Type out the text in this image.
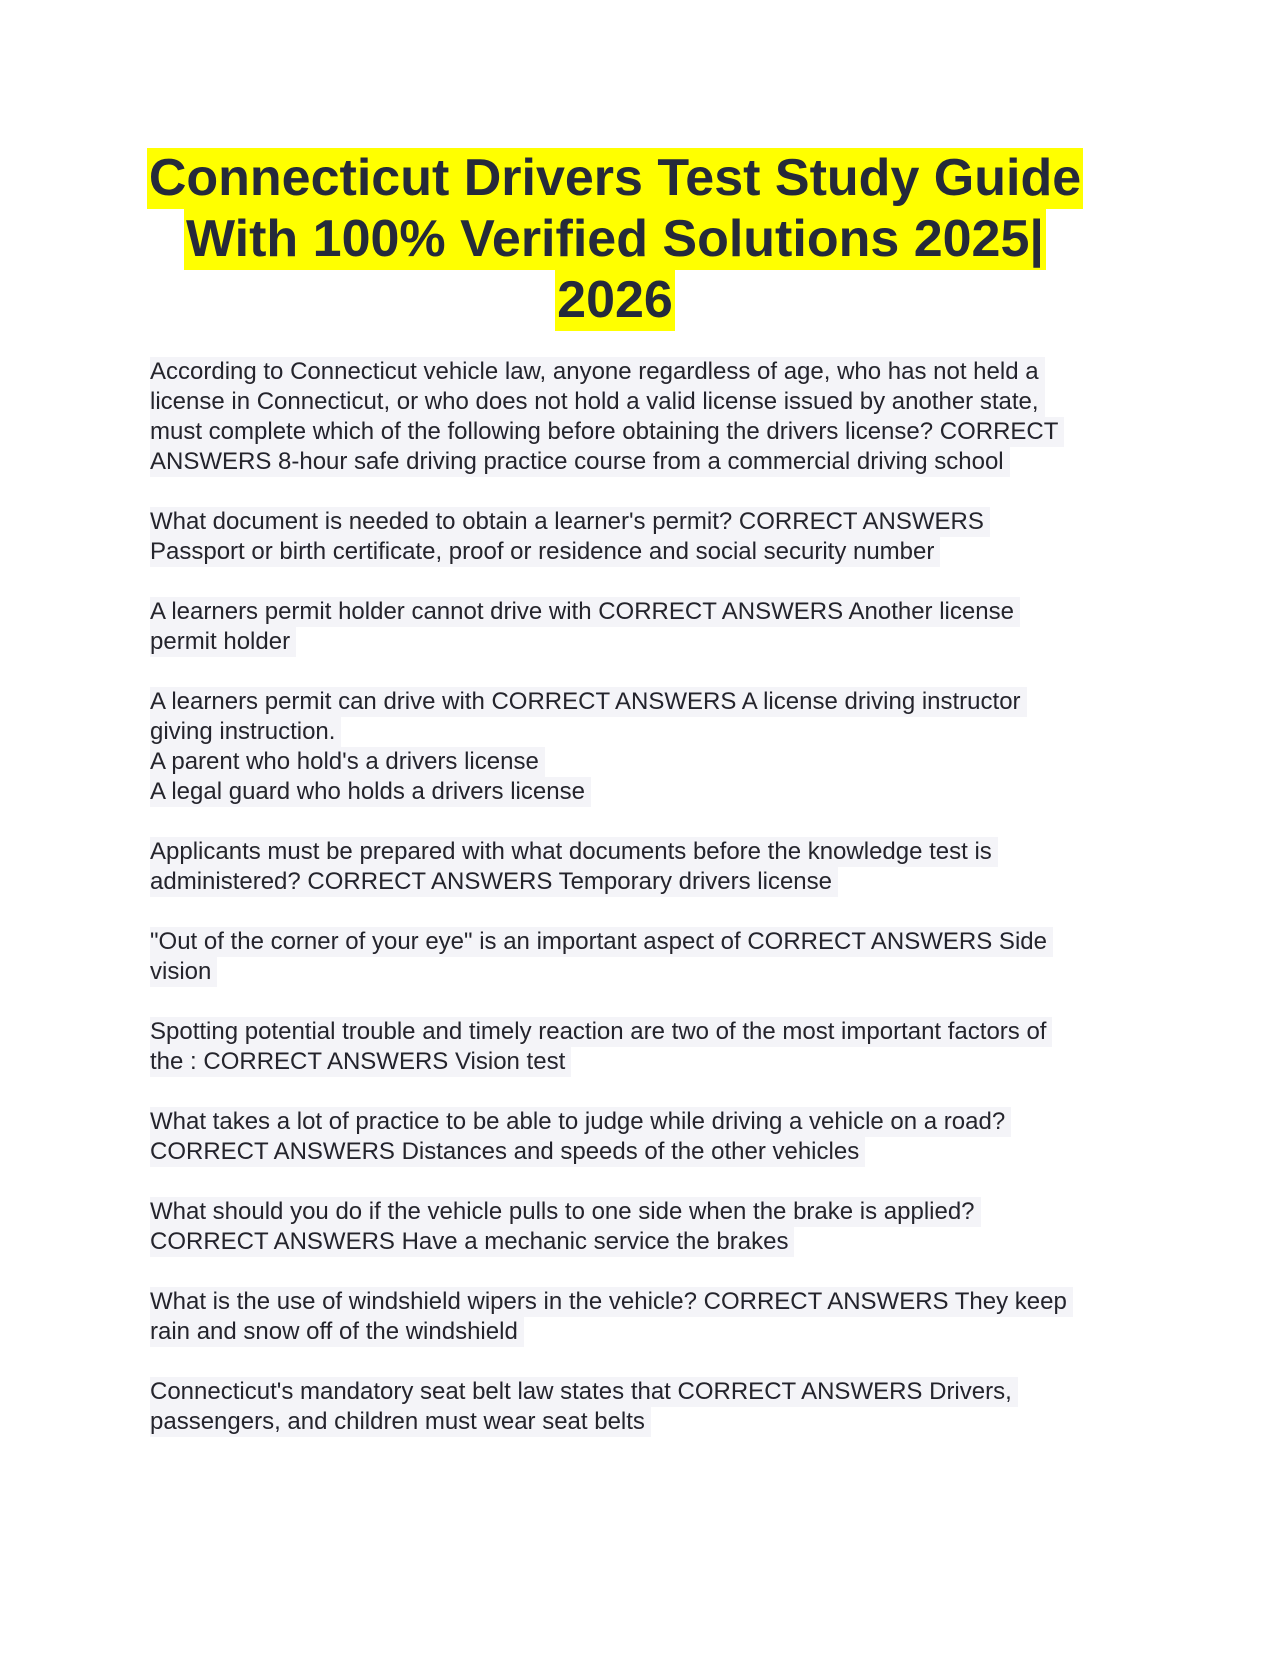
Connecticut Drivers Test Study Guide
With 100% Verified Solutions 2025|
2026
According to Connecticut vehicle law, anyone regardless of age, who has not held a
license in Connecticut, or who does not hold a valid license issued by another state,
must complete which of the following before obtaining the drivers license? CORRECT
ANSWERS 8-hour safe driving practice course from a commercial driving school
What document is needed to obtain a learner's permit? CORRECT ANSWERS
Passport or birth certificate, proof or residence and social security number
A learners permit holder cannot drive with CORRECT ANSWERS Another license
permit holder
A learners permit can drive with CORRECT ANSWERS A license driving instructor
giving instruction.
A parent who hold's a drivers license
A legal guard who holds a drivers license
Applicants must be prepared with what documents before the knowledge test is
administered? CORRECT ANSWERS Temporary drivers license
"Out of the corner of your eye" is an important aspect of CORRECT ANSWERS Side
vision
Spotting potential trouble and timely reaction are two of the most important factors of
the : CORRECT ANSWERS Vision test
What takes a lot of practice to be able to judge while driving a vehicle on a road?
CORRECT ANSWERS Distances and speeds of the other vehicles
What should you do if the vehicle pulls to one side when the brake is applied?
CORRECT ANSWERS Have a mechanic service the brakes
What is the use of windshield wipers in the vehicle? CORRECT ANSWERS They keep
rain and snow off of the windshield
Connecticut's mandatory seat belt law states that CORRECT ANSWERS Drivers,
passengers, and children must wear seat belts
